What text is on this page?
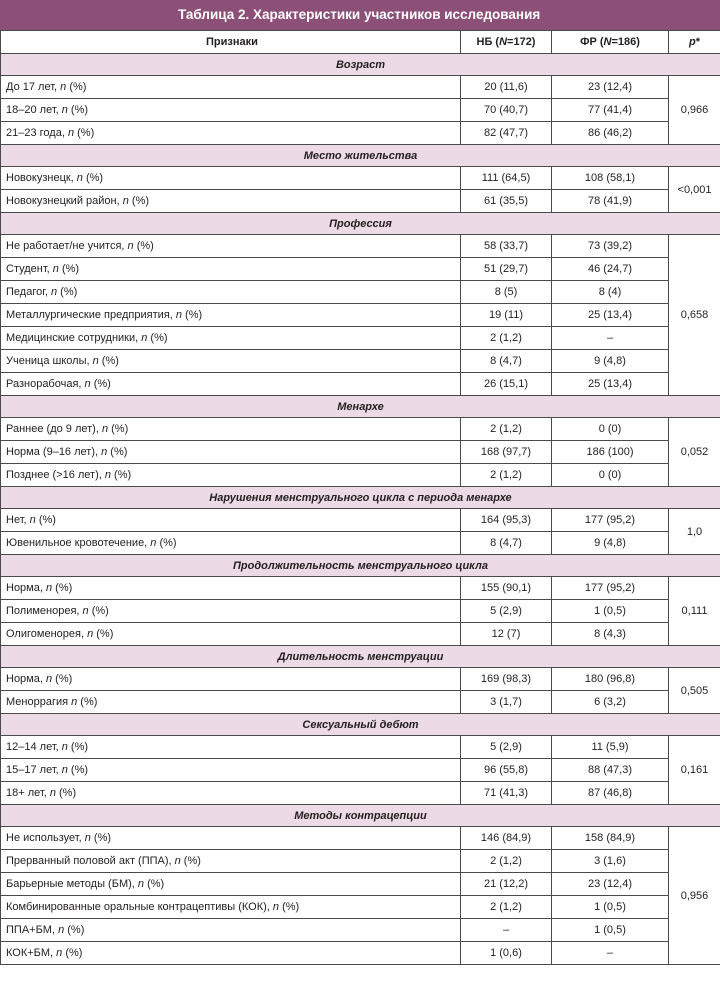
Таблица 2. Характеристики участников исследования
Признаки	НБ (N=172)	ФР (N=186)	p*
Возраст			
До 17 лет, n (%)	20 (11,6)	23 (12,4)	0,966
18–20 лет, n (%)	70 (40,7)	77 (41,4)	
21–23 года, n (%)	82 (47,7)	86 (46,2)	
Место жительства			
Новокузнецк, n (%)	111 (64,5)	108 (58,1)	<0,001
Новокузнецкий район, n (%)	61 (35,5)	78 (41,9)	
Профессия			
Не работает/не учится, n (%)	58 (33,7)	73 (39,2)	0,658
Студент, n (%)	51 (29,7)	46 (24,7)	
Педагог, n (%)	8 (5)	8 (4)	
Металлургические предприятия, n (%)	19 (11)	25 (13,4)	
Медицинские сотрудники, n (%)	2 (1,2)	–	
Ученица школы, n (%)	8 (4,7)	9 (4,8)	
Разнорабочая, n (%)	26 (15,1)	25 (13,4)	
Менархе			
Раннее (до 9 лет), n (%)	2 (1,2)	0 (0)	0,052
Норма (9–16 лет), n (%)	168 (97,7)	186 (100)	
Позднее (>16 лет), n (%)	2 (1,2)	0 (0)	
Нарушения менструального цикла с периода менархе			
Нет, n (%)	164 (95,3)	177 (95,2)	1,0
Ювенильное кровотечение, n (%)	8 (4,7)	9 (4,8)	
Продолжительность менструального цикла			
Норма, n (%)	155 (90,1)	177 (95,2)	0,111
Полименорея, n (%)	5 (2,9)	1 (0,5)	
Олигоменорея, n (%)	12 (7)	8 (4,3)	
Длительность менструации			
Норма, n (%)	169 (98,3)	180 (96,8)	0,505
Меноррагия n (%)	3 (1,7)	6 (3,2)	
Сексуальный дебют			
12–14 лет, n (%)	5 (2,9)	11 (5,9)	0,161
15–17 лет, n (%)	96 (55,8)	88 (47,3)	
18+ лет, n (%)	71 (41,3)	87 (46,8)	
Методы контрацепции			
Не использует, n (%)	146 (84,9)	158 (84,9)	0,956
Прерванный половой акт (ППА), n (%)	2 (1,2)	3 (1,6)	
Барьерные методы (БМ), n (%)	21 (12,2)	23 (12,4)	
Комбинированные оральные контрацептивы (КОК), n (%)	2 (1,2)	1 (0,5)	
ППА+БМ, n (%)	–	1 (0,5)	
КОК+БМ, n (%)	1 (0,6)	–	
